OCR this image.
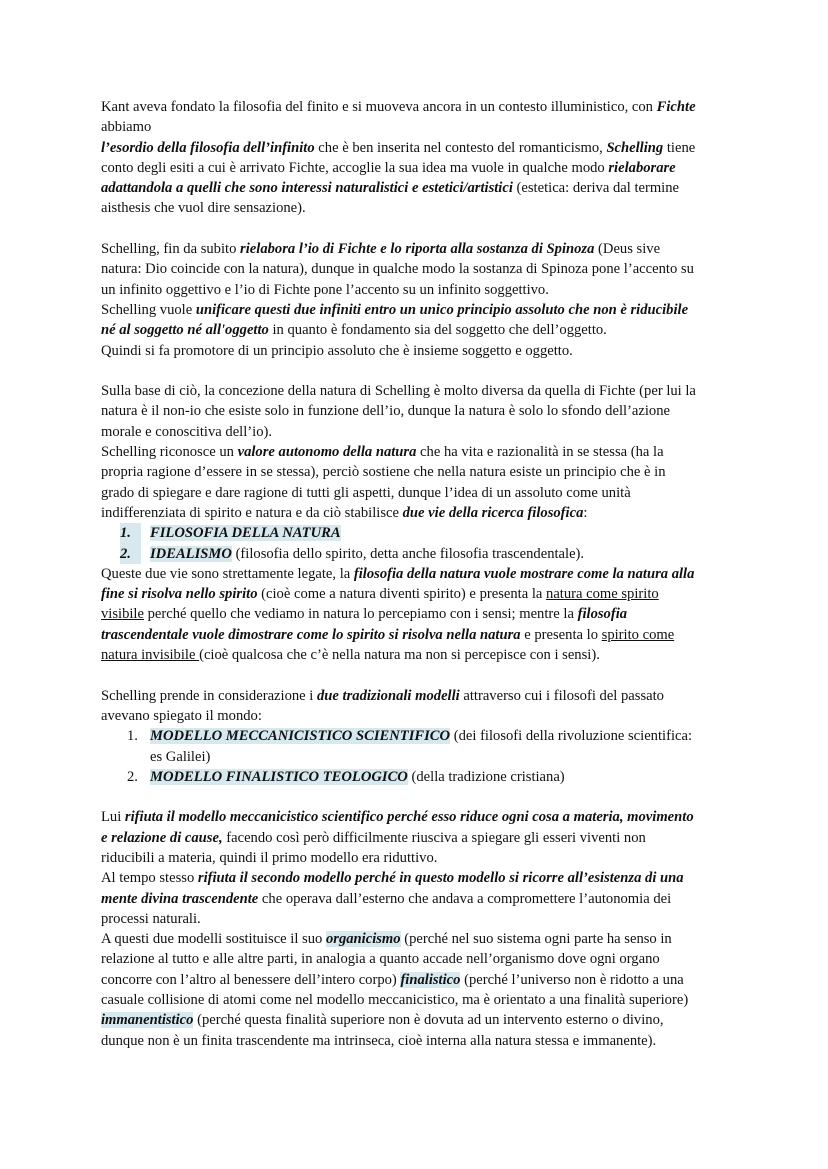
Kant aveva fondato la filosofia del finito e si muoveva ancora in un contesto illuministico, con Fichte
abbiamo
l’esordio della filosofia dell’infinito che è ben inserita nel contesto del romanticismo, Schelling tiene
conto degli esiti a cui è arrivato Fichte, accoglie la sua idea ma vuole in qualche modo rielaborare
adattandola a quelli che sono interessi naturalistici e estetici/artistici (estetica: deriva dal termine
aisthesis che vuol dire sensazione).
Schelling, fin da subito rielabora l’io di Fichte e lo riporta alla sostanza di Spinoza (Deus sive
natura: Dio coincide con la natura), dunque in qualche modo la sostanza di Spinoza pone l’accento su
un infinito oggettivo e l’io di Fichte pone l’accento su un infinito soggettivo.
Schelling vuole unificare questi due infiniti entro un unico principio assoluto che non è riducibile
né al soggetto né all'oggetto in quanto è fondamento sia del soggetto che dell’oggetto.
Quindi si fa promotore di un principio assoluto che è insieme soggetto e oggetto.
Sulla base di ciò, la concezione della natura di Schelling è molto diversa da quella di Fichte (per lui la
natura è il non-io che esiste solo in funzione dell’io, dunque la natura è solo lo sfondo dell’azione
morale e conoscitiva dell’io).
Schelling riconosce un valore autonomo della natura che ha vita e razionalità in se stessa (ha la
propria ragione d’essere in se stessa), perciò sostiene che nella natura esiste un principio che è in
grado di spiegare e dare ragione di tutti gli aspetti, dunque l’idea di un assoluto come unità
indifferenziata di spirito e natura e da ciò stabilisce due vie della ricerca filosofica:
1.	FILOSOFIA DELLA NATURA
2.	IDEALISMO (filosofia dello spirito, detta anche filosofia trascendentale).
Queste due vie sono strettamente legate, la filosofia della natura vuole mostrare come la natura alla
fine si risolva nello spirito (cioè come a natura diventi spirito) e presenta la natura come spirito
visibile perché quello che vediamo in natura lo percepiamo con i sensi; mentre la filosofia
trascendentale vuole dimostrare come lo spirito si risolva nella natura e presenta lo spirito come
natura invisibile (cioè qualcosa che c’è nella natura ma non si percepisce con i sensi).
Schelling prende in considerazione i due tradizionali modelli attraverso cui i filosofi del passato
avevano spiegato il mondo:
1. MODELLO MECCANICISTICO SCIENTIFICO (dei filosofi della rivoluzione scientifica:
es Galilei)
2. MODELLO FINALISTICO TEOLOGICO (della tradizione cristiana)
Lui rifiuta il modello meccanicistico scientifico perché esso riduce ogni cosa a materia, movimento
e relazione di cause, facendo così però difficilmente riusciva a spiegare gli esseri viventi non
riducibili a materia, quindi il primo modello era riduttivo.
Al tempo stesso rifiuta il secondo modello perché in questo modello si ricorre all’esistenza di una
mente divina trascendente che operava dall’esterno che andava a compromettere l’autonomia dei
processi naturali.
A questi due modelli sostituisce il suo organicismo (perché nel suo sistema ogni parte ha senso in
relazione al tutto e alle altre parti, in analogia a quanto accade nell’organismo dove ogni organo
concorre con l’altro al benessere dell’intero corpo) finalistico (perché l’universo non è ridotto a una
casuale collisione di atomi come nel modello meccanicistico, ma è orientato a una finalità superiore)
immanentistico (perché questa finalità superiore non è dovuta ad un intervento esterno o divino,
dunque non è un finita trascendente ma intrinseca, cioè interna alla natura stessa e immanente).
